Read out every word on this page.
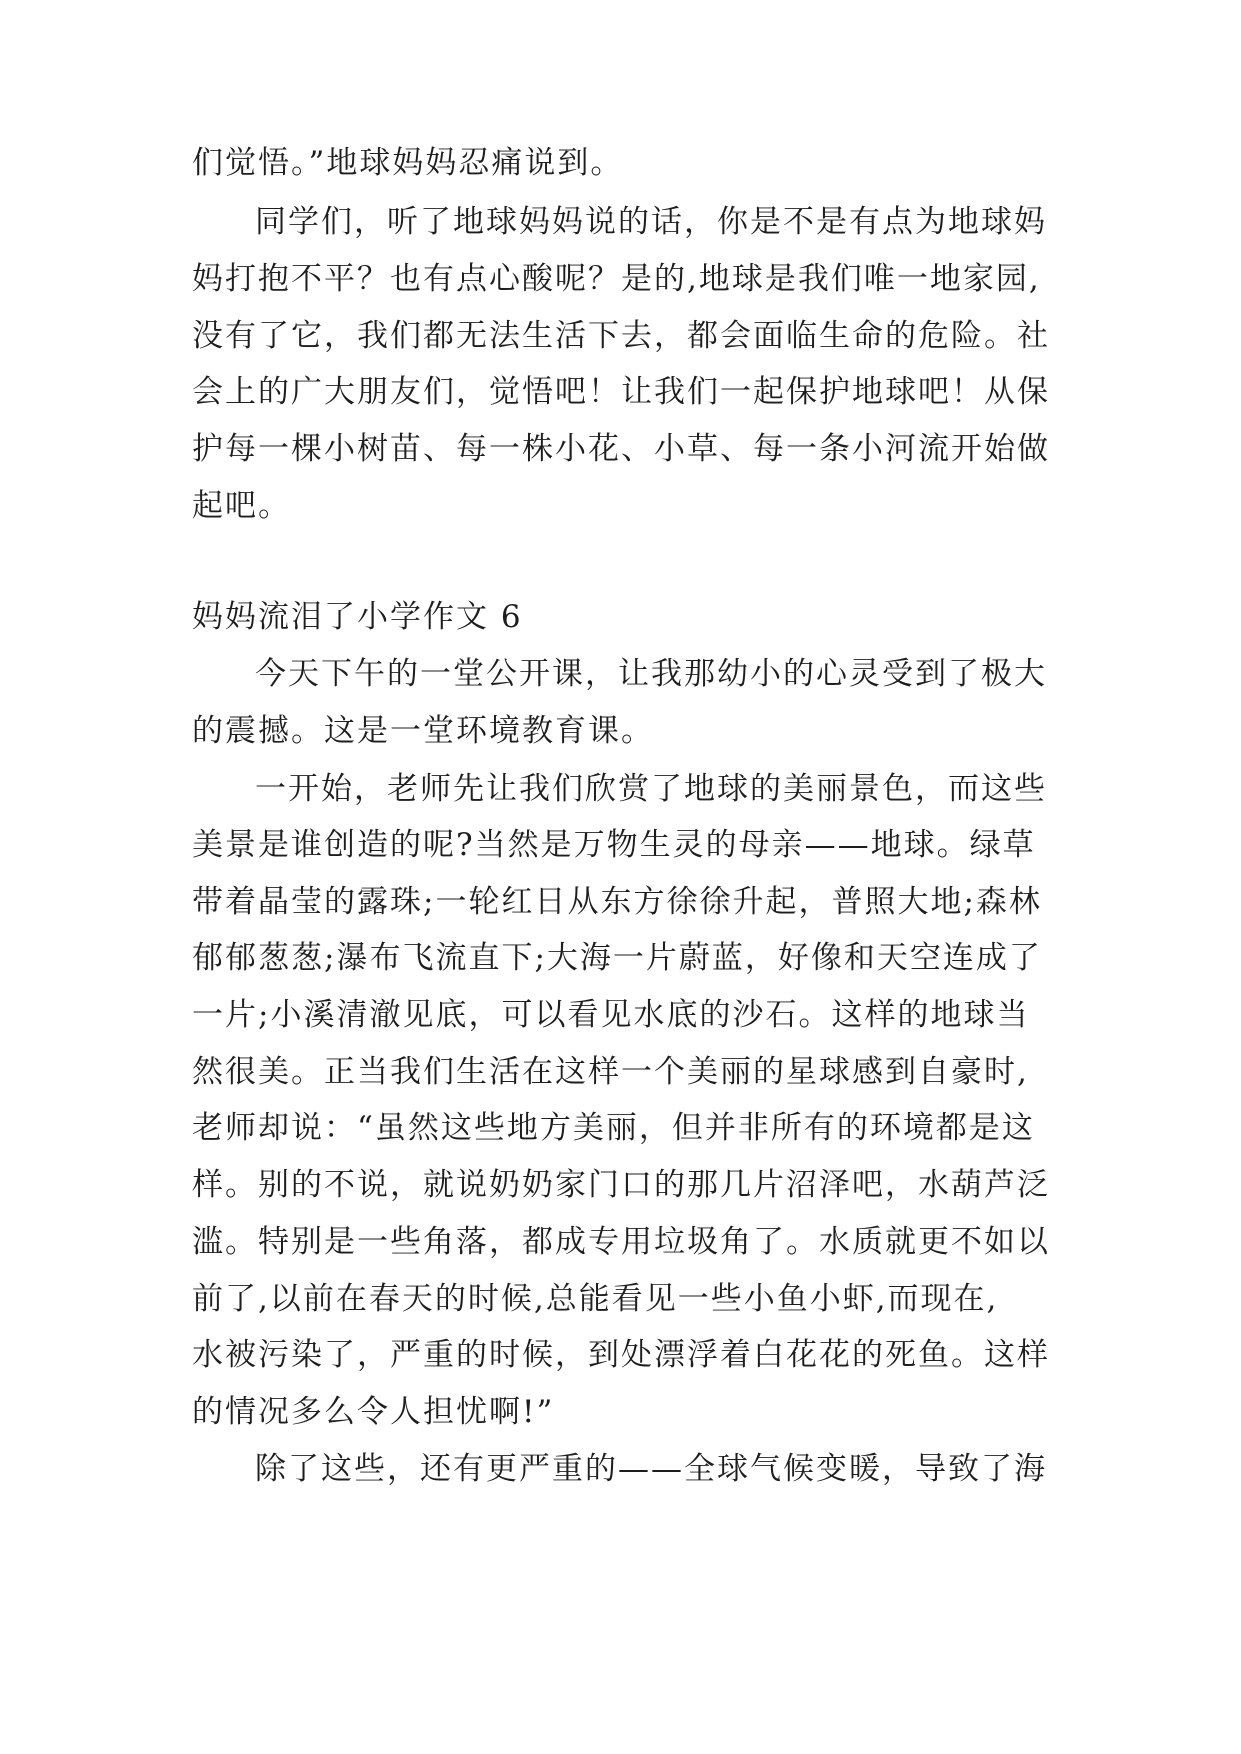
们觉悟。”地球妈妈忍痛说到。
同学们，听了地球妈妈说的话，你是不是有点为地球妈
妈打抱不平？也有点心酸呢？是的,地球是我们唯一地家园,
没有了它，我们都无法生活下去，都会面临生命的危险。社
会上的广大朋友们，觉悟吧！让我们一起保护地球吧！从保
护每一棵小树苗、每一株小花、小草、每一条小河流开始做
起吧。
妈妈流泪了小学作文 6
今天下午的一堂公开课，让我那幼小的心灵受到了极大
的震撼。这是一堂环境教育课。
一开始，老师先让我们欣赏了地球的美丽景色，而这些
美景是谁创造的呢?当然是万物生灵的母亲——地球。绿草
带着晶莹的露珠;一轮红日从东方徐徐升起，普照大地;森林
郁郁葱葱;瀑布飞流直下;大海一片蔚蓝，好像和天空连成了
一片;小溪清澈见底，可以看见水底的沙石。这样的地球当
然很美。正当我们生活在这样一个美丽的星球感到自豪时,
老师却说：“虽然这些地方美丽，但并非所有的环境都是这
样。别的不说，就说奶奶家门口的那几片沼泽吧，水葫芦泛
滥。特别是一些角落，都成专用垃圾角了。水质就更不如以
前了,以前在春天的时候,总能看见一些小鱼小虾,而现在,
水被污染了，严重的时候，到处漂浮着白花花的死鱼。这样
的情况多么令人担忧啊!”
除了这些，还有更严重的——全球气候变暖，导致了海
